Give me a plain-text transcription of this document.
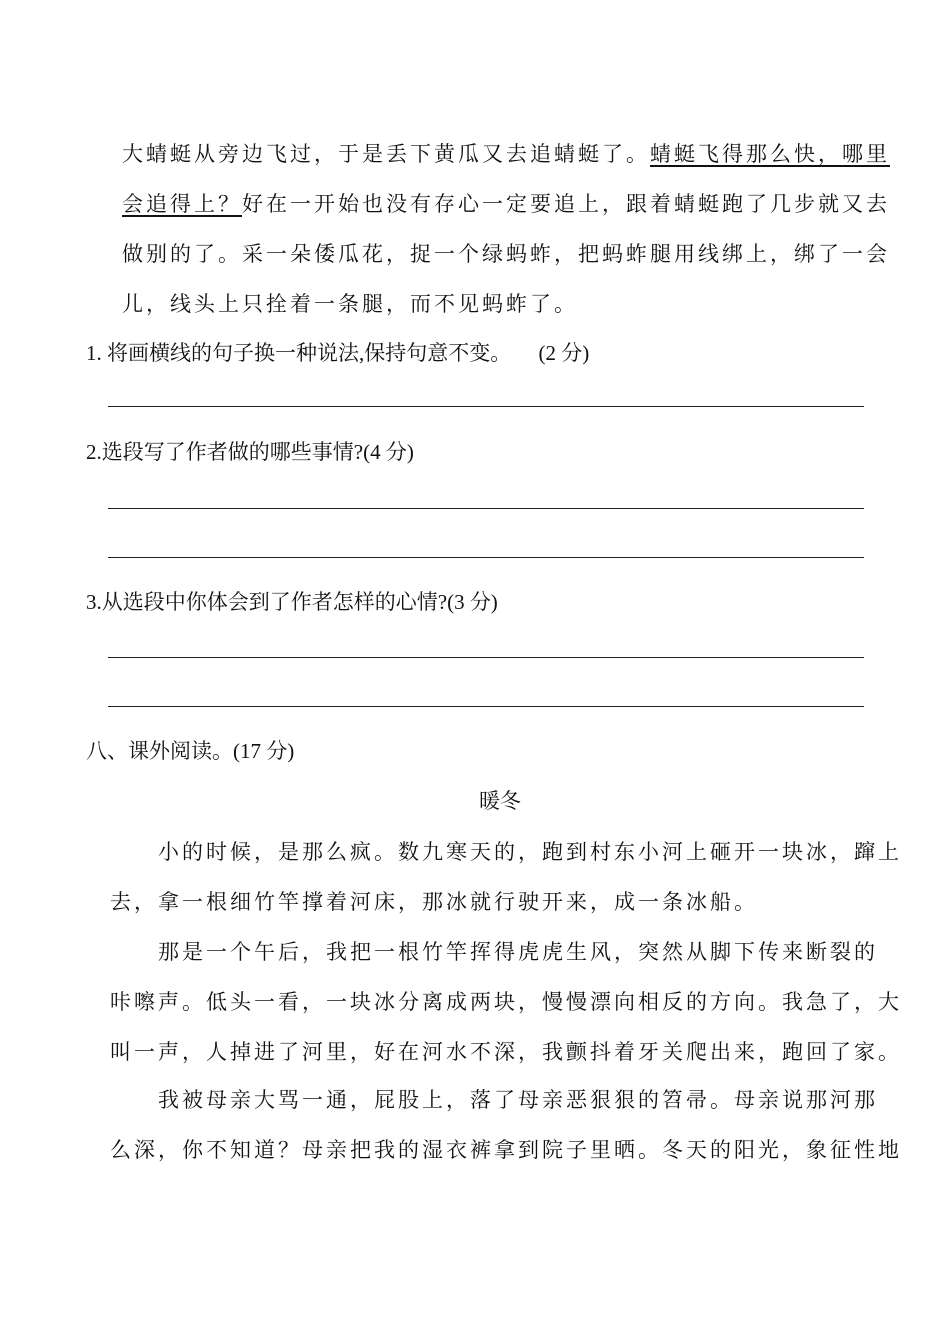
大蜻蜓从旁边飞过，于是丢下黄瓜又去追蜻蜓了。蜻蜓飞得那么快，哪里
会追得上？好在一开始也没有存心一定要追上，跟着蜻蜓跑了几步就又去
做别的了。采一朵倭瓜花，捉一个绿蚂蚱，把蚂蚱腿用线绑上，绑了一会
儿，线头上只拴着一条腿，而不见蚂蚱了。
1. 将画横线的句子换一种说法,保持句意不变。 (2 分)
2.选段写了作者做的哪些事情?(4 分)
3.从选段中你体会到了作者怎样的心情?(3 分)
八、课外阅读。(17 分)
暖冬
小的时候，是那么疯。数九寒天的，跑到村东小河上砸开一块冰，蹿上
去，拿一根细竹竿撑着河床，那冰就行驶开来，成一条冰船。
那是一个午后，我把一根竹竿挥得虎虎生风，突然从脚下传来断裂的
咔嚓声。低头一看，一块冰分离成两块，慢慢漂向相反的方向。我急了，大
叫一声，人掉进了河里，好在河水不深，我颤抖着牙关爬出来，跑回了家。
我被母亲大骂一通，屁股上，落了母亲恶狠狠的笤帚。母亲说那河那
么深，你不知道？母亲把我的湿衣裤拿到院子里晒。冬天的阳光，象征性地
